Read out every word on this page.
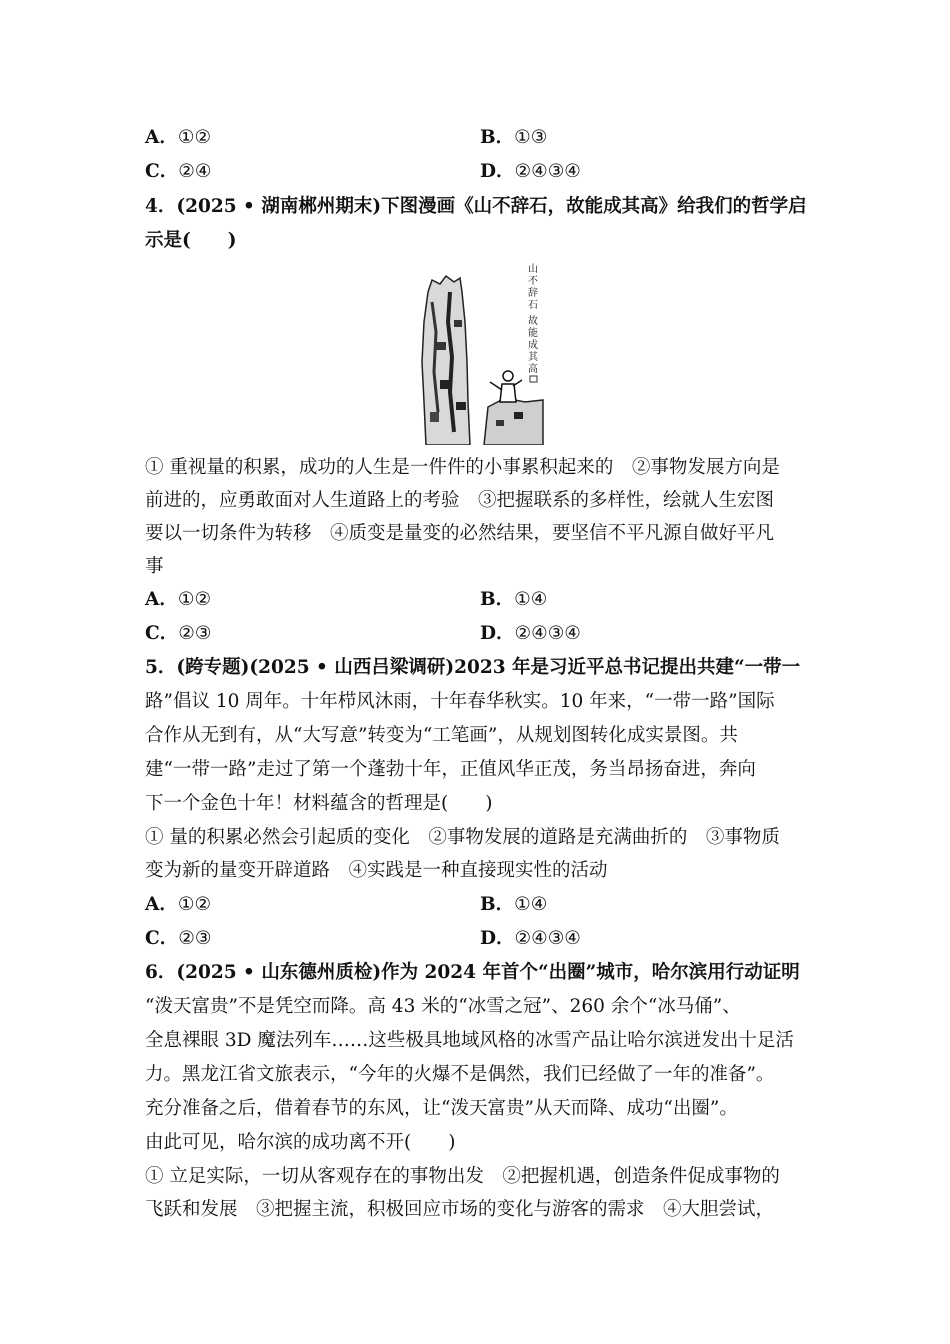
A．①②	B．①③
C．②④	D．②④③④
4．(2025 • 湖南郴州期末)下图漫画《山不辞石，故能成其高》给我们的哲学启
示是(　　)
山
不
辞
石
故
能
成
其
高
① 重视量的积累，成功的人生是一件件的小事累积起来的　②事物发展方向是
前进的，应勇敢面对人生道路上的考验　③把握联系的多样性，绘就人生宏图
要以一切条件为转移　④质变是量变的必然结果，要坚信不平凡源自做好平凡
事
A．①②	B．①④
C．②③	D．②④③④
5．(跨专题)(2025 • 山西吕梁调研)2023 年是习近平总书记提出共建“一带一
路”倡议 10 周年。十年栉风沐雨，十年春华秋实。10 年来，“一带一路”国际
合作从无到有，从“大写意”转变为“工笔画”，从规划图转化成实景图。共
建“一带一路”走过了第一个蓬勃十年，正值风华正茂，务当昂扬奋进，奔向
下一个金色十年！材料蕴含的哲理是(　　)
① 量的积累必然会引起质的变化　②事物发展的道路是充满曲折的　③事物质
变为新的量变开辟道路　④实践是一种直接现实性的活动
A．①②	B．①④
C．②③	D．②④③④
6．(2025 • 山东德州质检)作为 2024 年首个“出圈”城市，哈尔滨用行动证明
“泼天富贵”不是凭空而降。高 43 米的“冰雪之冠”、260 余个“冰马俑”、
全息裸眼 3D 魔法列车……这些极具地域风格的冰雪产品让哈尔滨迸发出十足活
力。黑龙江省文旅表示，“今年的火爆不是偶然，我们已经做了一年的准备”。
充分准备之后，借着春节的东风，让“泼天富贵”从天而降、成功“出圈”。
由此可见，哈尔滨的成功离不开(　　)
① 立足实际，一切从客观存在的事物出发　②把握机遇，创造条件促成事物的
飞跃和发展　③把握主流，积极回应市场的变化与游客的需求　④大胆尝试，
